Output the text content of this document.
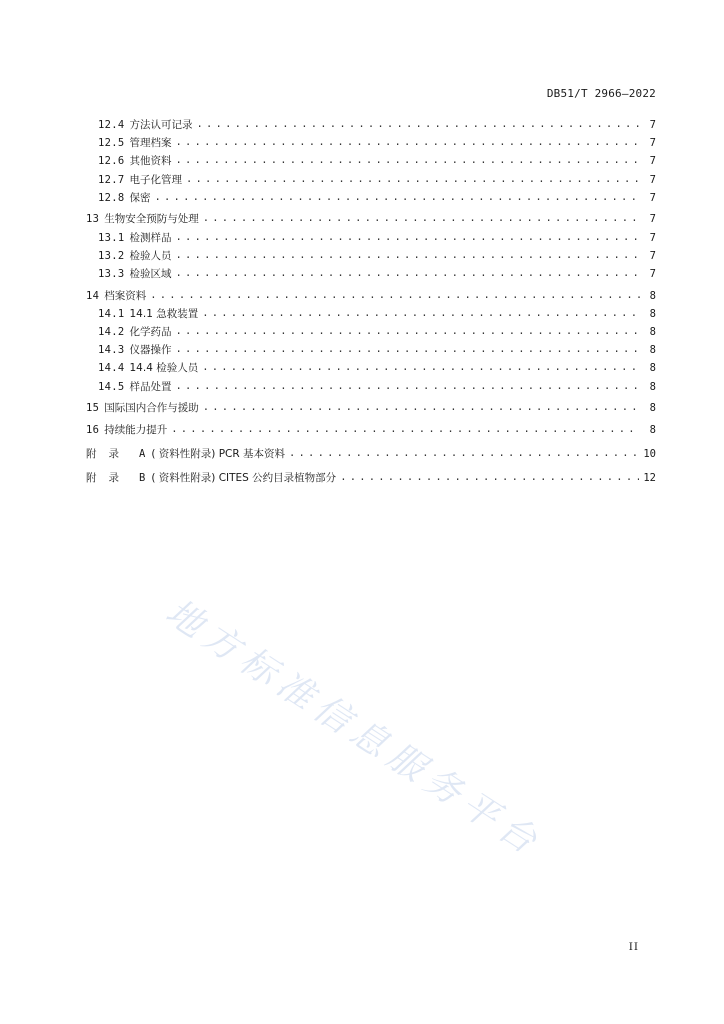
DB51/T 2966—2022
12.4 方法认可记录 .....	7
12.5 管理档案 .....	7
12.6 其他资料 .....	7
12.7 电子化管理 .....	7
12.8 保密 .....	7
13 生物安全预防与处理 .....	7
13.1 检测样品 .....	7
13.2 检验人员 .....	7
13.3 检验区域 .....	7
14 档案资料 .....	8
14.1 14.1 急救装置 .....	8
14.2 化学药品 .....	8
14.3 仪器操作 .....	8
14.4 14.4 检验人员 .....	8
14.5 样品处置 .....	8
15 国际国内合作与援助 .....	8
16 持续能力提升 .....	8
附录 A ( 资料性附录) PCR 基本资料 .....	10
附录 B ( 资料性附录) CITES 公约目录植物部分 .....	12
地方标准信息服务平台
II
